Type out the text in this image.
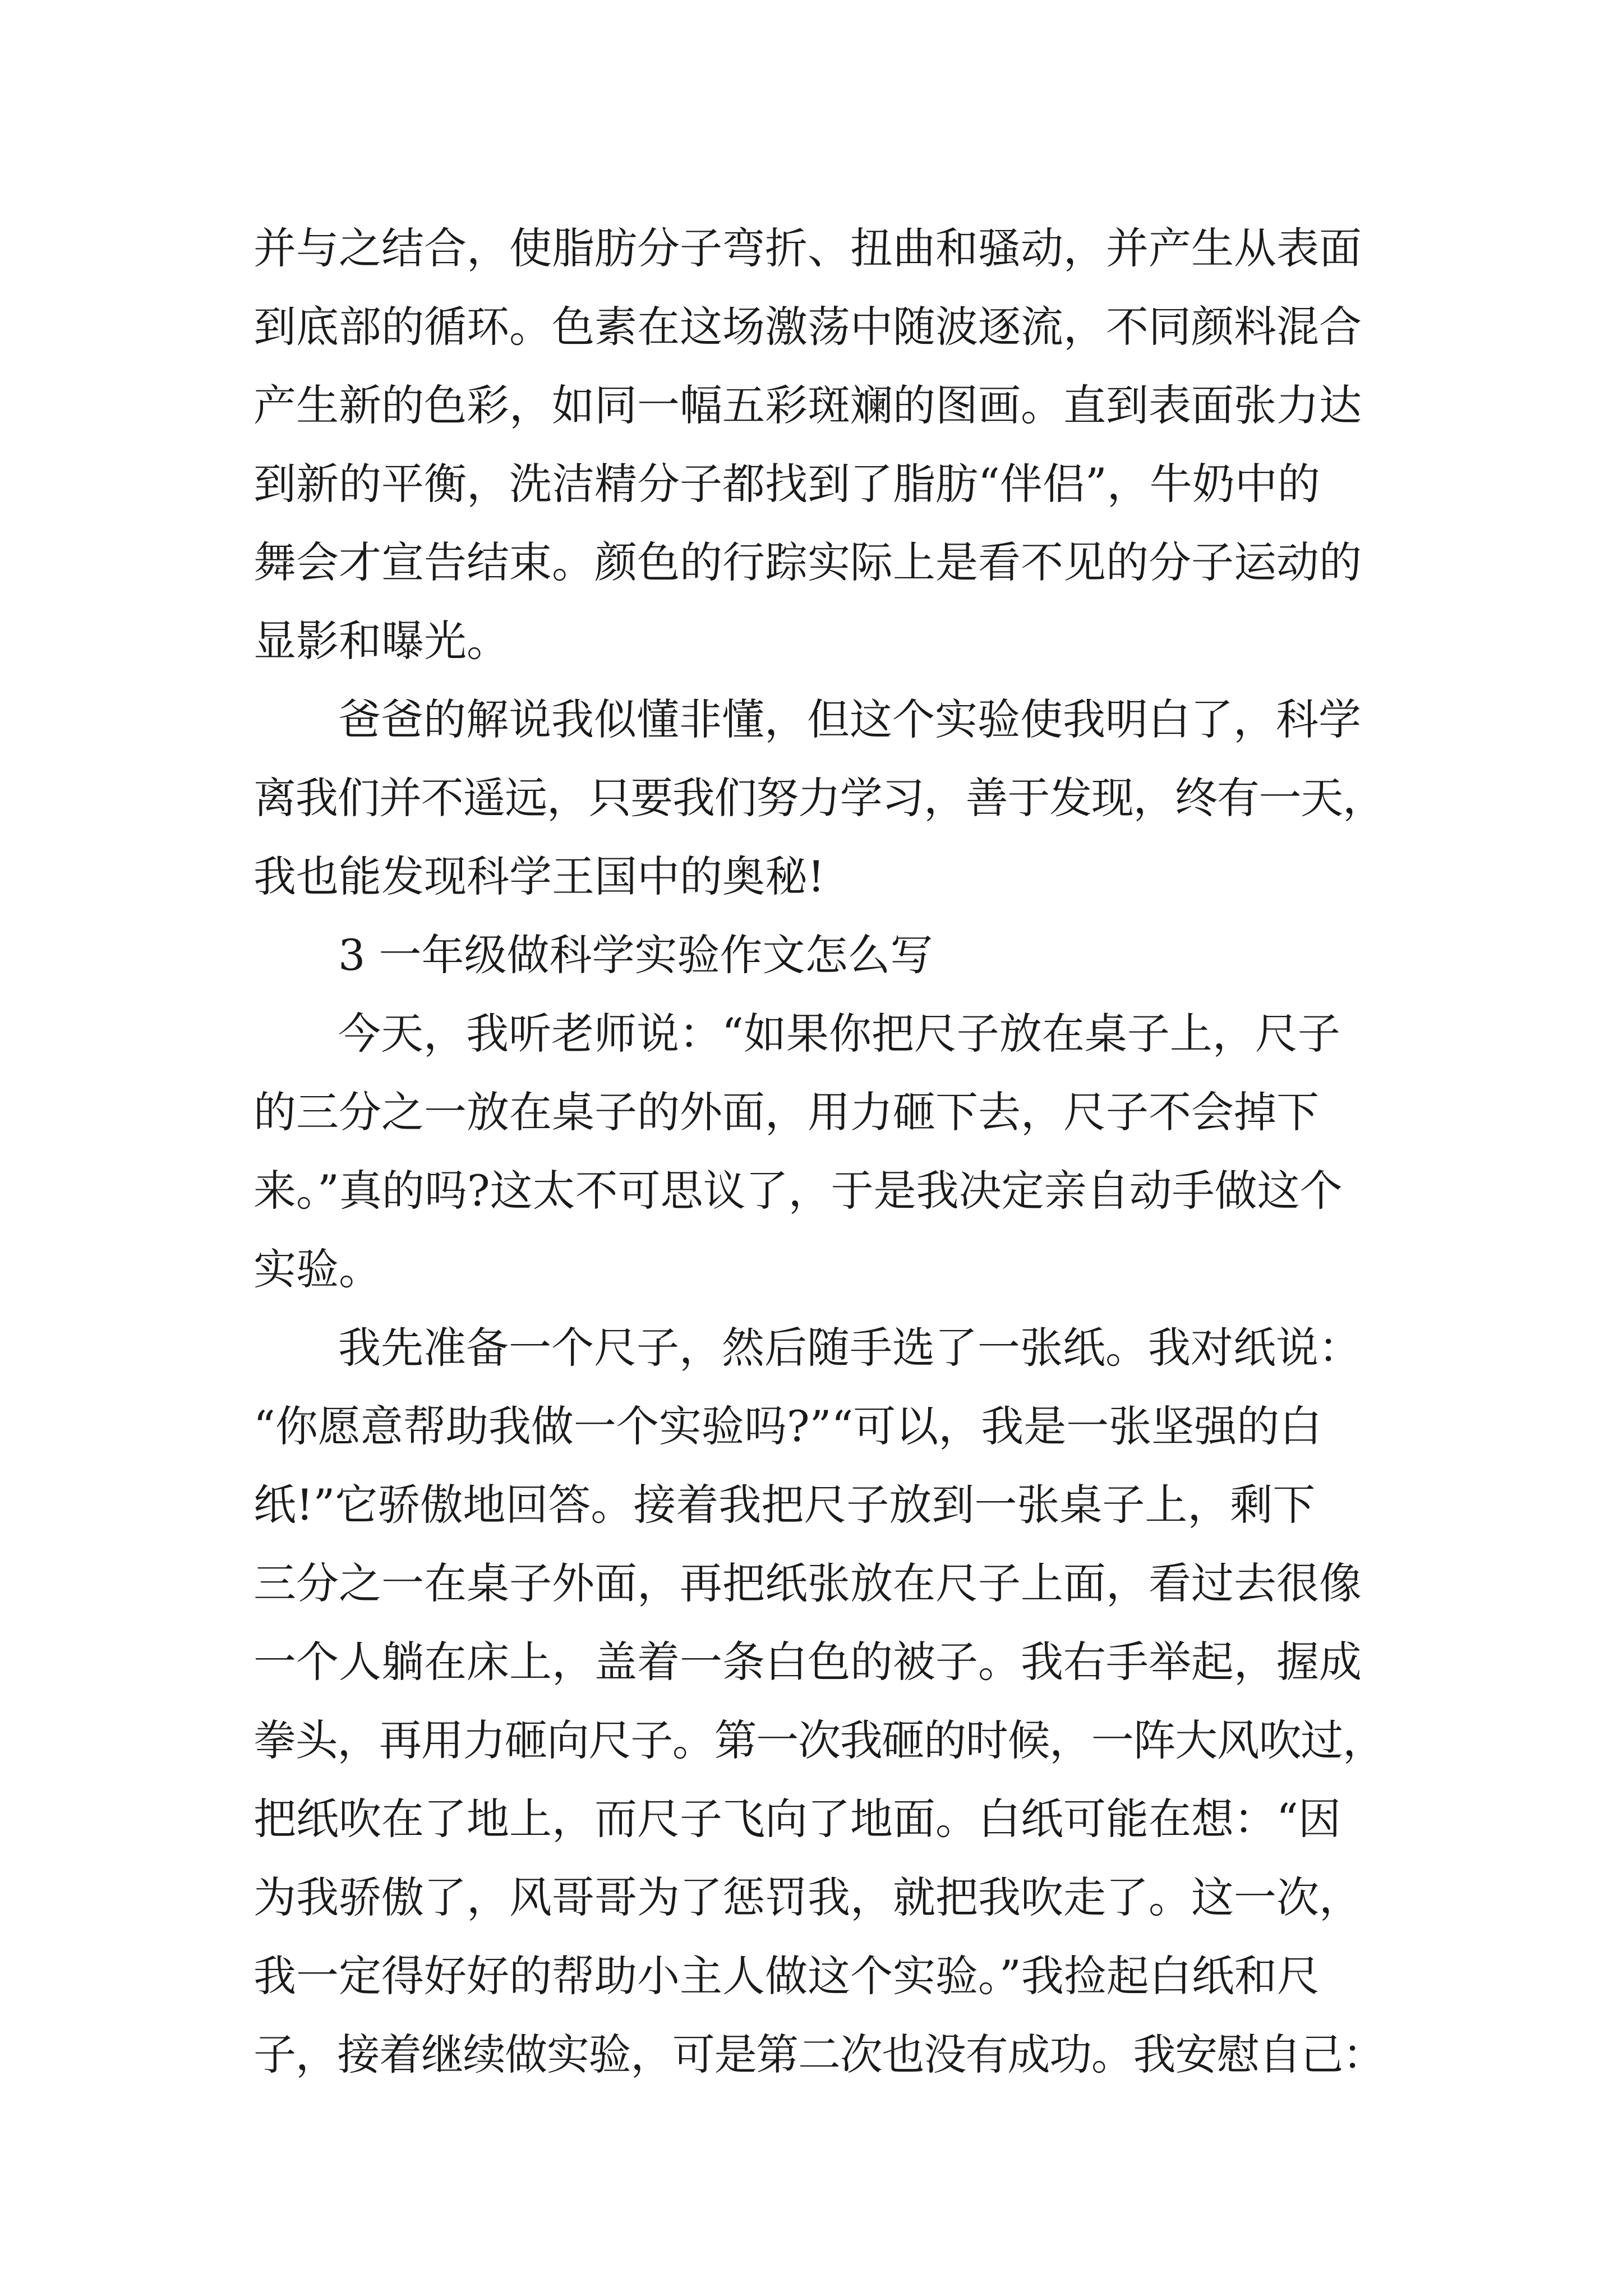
并与之结合，使脂肪分子弯折、扭曲和骚动，并产生从表面
到底部的循环。色素在这场激荡中随波逐流，不同颜料混合
产生新的色彩，如同一幅五彩斑斓的图画。直到表面张力达
到新的平衡，洗洁精分子都找到了脂肪“伴侣”，牛奶中的
舞会才宣告结束。颜色的行踪实际上是看不见的分子运动的
显影和曝光。
爸爸的解说我似懂非懂，但这个实验使我明白了，科学
离我们并不遥远，只要我们努力学习，善于发现，终有一天，
我也能发现科学王国中的奥秘!
3 一年级做科学实验作文怎么写
今天，我听老师说：“如果你把尺子放在桌子上，尺子
的三分之一放在桌子的外面，用力砸下去，尺子不会掉下
来。”真的吗?这太不可思议了，于是我决定亲自动手做这个
实验。
我先准备一个尺子，然后随手选了一张纸。我对纸说：
“你愿意帮助我做一个实验吗?”“可以，我是一张坚强的白
纸!”它骄傲地回答。接着我把尺子放到一张桌子上，剩下
三分之一在桌子外面，再把纸张放在尺子上面，看过去很像
一个人躺在床上，盖着一条白色的被子。我右手举起，握成
拳头，再用力砸向尺子。第一次我砸的时候，一阵大风吹过，
把纸吹在了地上，而尺子飞向了地面。白纸可能在想：“因
为我骄傲了，风哥哥为了惩罚我，就把我吹走了。这一次，
我一定得好好的帮助小主人做这个实验。”我捡起白纸和尺
子，接着继续做实验，可是第二次也没有成功。我安慰自己：
